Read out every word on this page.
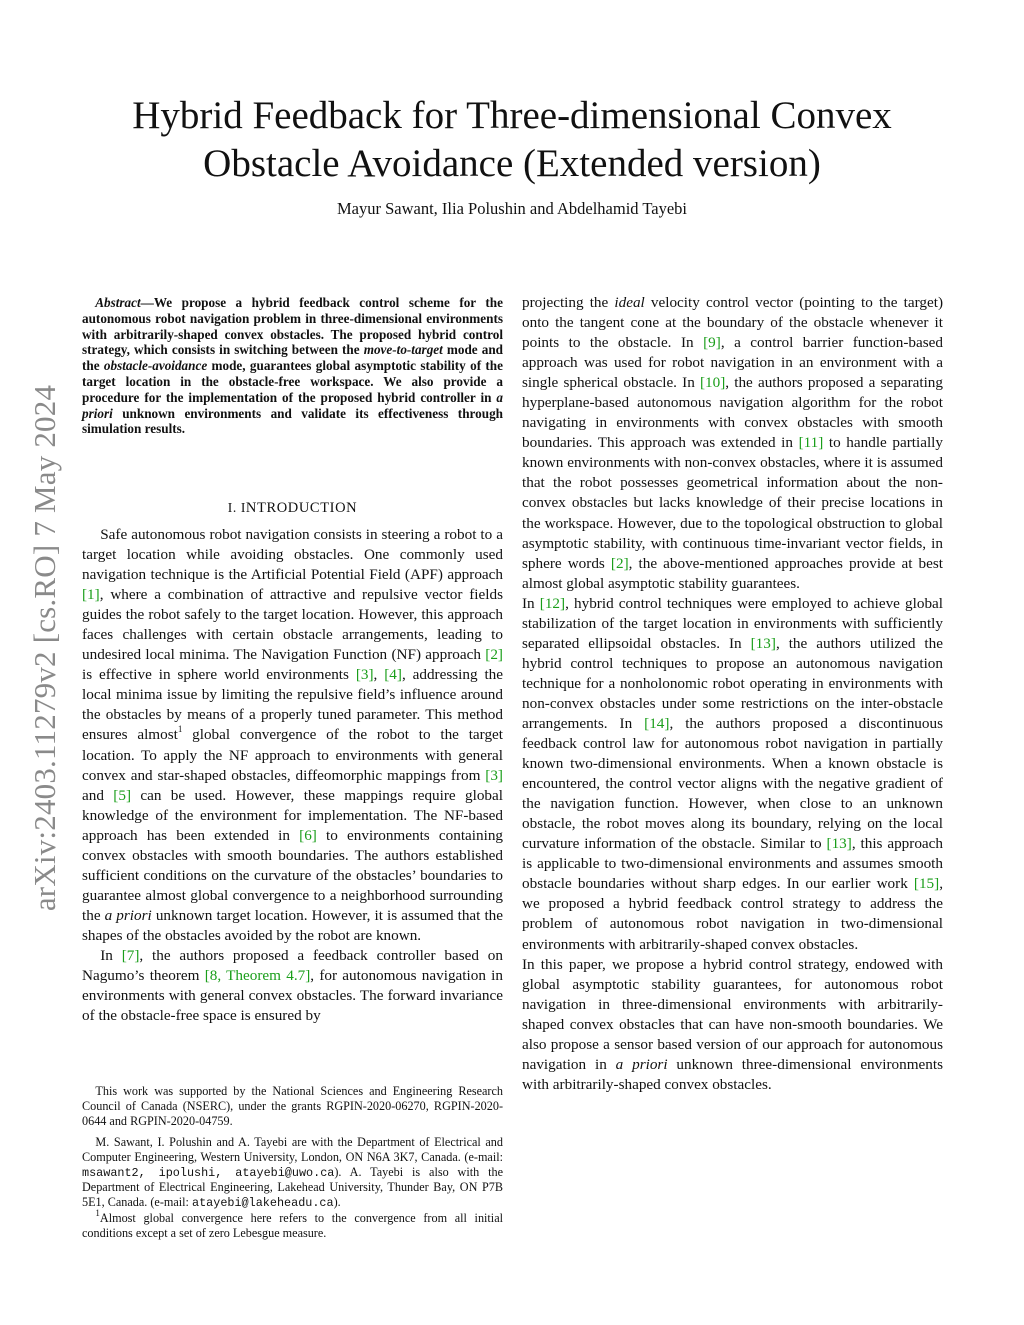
arXiv:2403.11279v2 [cs.RO] 7 May 2024
Hybrid Feedback for Three-dimensional Convex
Obstacle Avoidance (Extended version)

Mayur Sawant, Ilia Polushin and Abdelhamid Tayebi

Abstract—We propose a hybrid feedback control scheme for the autonomous robot navigation problem in three-dimensional environments with arbitrarily-shaped convex obstacles. The proposed hybrid control strategy, which consists in switching between the move-to-target mode and the obstacle-avoidance mode, guarantees global asymptotic stability of the target location in the obstacle-free workspace. We also provide a procedure for the implementation of the proposed hybrid controller in a priori unknown environments and validate its effectiveness through simulation results.

I. INTRODUCTION

Safe autonomous robot navigation consists in steering a robot to a target location while avoiding obstacles. One commonly used navigation technique is the Artificial Potential Field (APF) approach [1], where a combination of attractive and repulsive vector fields guides the robot safely to the target location. However, this approach faces challenges with certain obstacle arrangements, leading to undesired local minima. The Navigation Function (NF) approach [2] is effective in sphere world environments [3], [4], addressing the local minima issue by limiting the repulsive field’s influence around the obstacles by means of a properly tuned parameter. This method ensures almost$^1$ global convergence of the robot to the target location. To apply the NF approach to environments with general convex and star-shaped obstacles, diffeomorphic mappings from [3] and [5] can be used. However, these mappings require global knowledge of the environment for implementation. The NF-based approach has been extended in [6] to environments containing convex obstacles with smooth boundaries. The authors established sufficient conditions on the curvature of the obstacles’ boundaries to guarantee almost global convergence to a neighborhood surrounding the a priori unknown target location. However, it is assumed that the shapes of the obstacles avoided by the robot are known.

In [7], the authors proposed a feedback controller based on Nagumo’s theorem [8, Theorem 4.7], for autonomous navigation in environments with general convex obstacles. The forward invariance of the obstacle-free space is ensured by

This work was supported by the National Sciences and Engineering Research Council of Canada (NSERC), under the grants RGPIN-2020-06270, RGPIN-2020-0644 and RGPIN-2020-04759.

M. Sawant, I. Polushin and A. Tayebi are with the Department of Electrical and Computer Engineering, Western University, London, ON N6A 3K7, Canada. (e-mail: msawant2, ipolushi, atayebi@uwo.ca). A. Tayebi is also with the Department of Electrical Engineering, Lakehead University, Thunder Bay, ON P7B 5E1, Canada. (e-mail: atayebi@lakeheadu.ca).

$^1$Almost global convergence here refers to the convergence from all initial conditions except a set of zero Lebesgue measure.

projecting the ideal velocity control vector (pointing to the target) onto the tangent cone at the boundary of the obstacle whenever it points to the obstacle. In [9], a control barrier function-based approach was used for robot navigation in an environment with a single spherical obstacle. In [10], the authors proposed a separating hyperplane-based autonomous navigation algorithm for the robot navigating in environments with convex obstacles with smooth boundaries. This approach was extended in [11] to handle partially known environments with non-convex obstacles, where it is assumed that the robot possesses geometrical information about the non-convex obstacles but lacks knowledge of their precise locations in the workspace. However, due to the topological obstruction to global asymptotic stability, with continuous time-invariant vector fields, in sphere words [2], the above-mentioned approaches provide at best almost global asymptotic stability guarantees.

In [12], hybrid control techniques were employed to achieve global stabilization of the target location in environments with sufficiently separated ellipsoidal obstacles. In [13], the authors utilized the hybrid control techniques to propose an autonomous navigation technique for a nonholonomic robot operating in environments with non-convex obstacles under some restrictions on the inter-obstacle arrangements. In [14], the authors proposed a discontinuous feedback control law for autonomous robot navigation in partially known two-dimensional environments. When a known obstacle is encountered, the control vector aligns with the negative gradient of the navigation function. However, when close to an unknown obstacle, the robot moves along its boundary, relying on the local curvature information of the obstacle. Similar to [13], this approach is applicable to two-dimensional environments and assumes smooth obstacle boundaries without sharp edges. In our earlier work [15], we proposed a hybrid feedback control strategy to address the problem of autonomous robot navigation in two-dimensional environments with arbitrarily-shaped convex obstacles.

In this paper, we propose a hybrid control strategy, endowed with global asymptotic stability guarantees, for autonomous robot navigation in three-dimensional environments with arbitrarily-shaped convex obstacles that can have non-smooth boundaries. We also propose a sensor based version of our approach for autonomous navigation in a priori unknown three-dimensional environments with arbitrarily-shaped convex obstacles.
